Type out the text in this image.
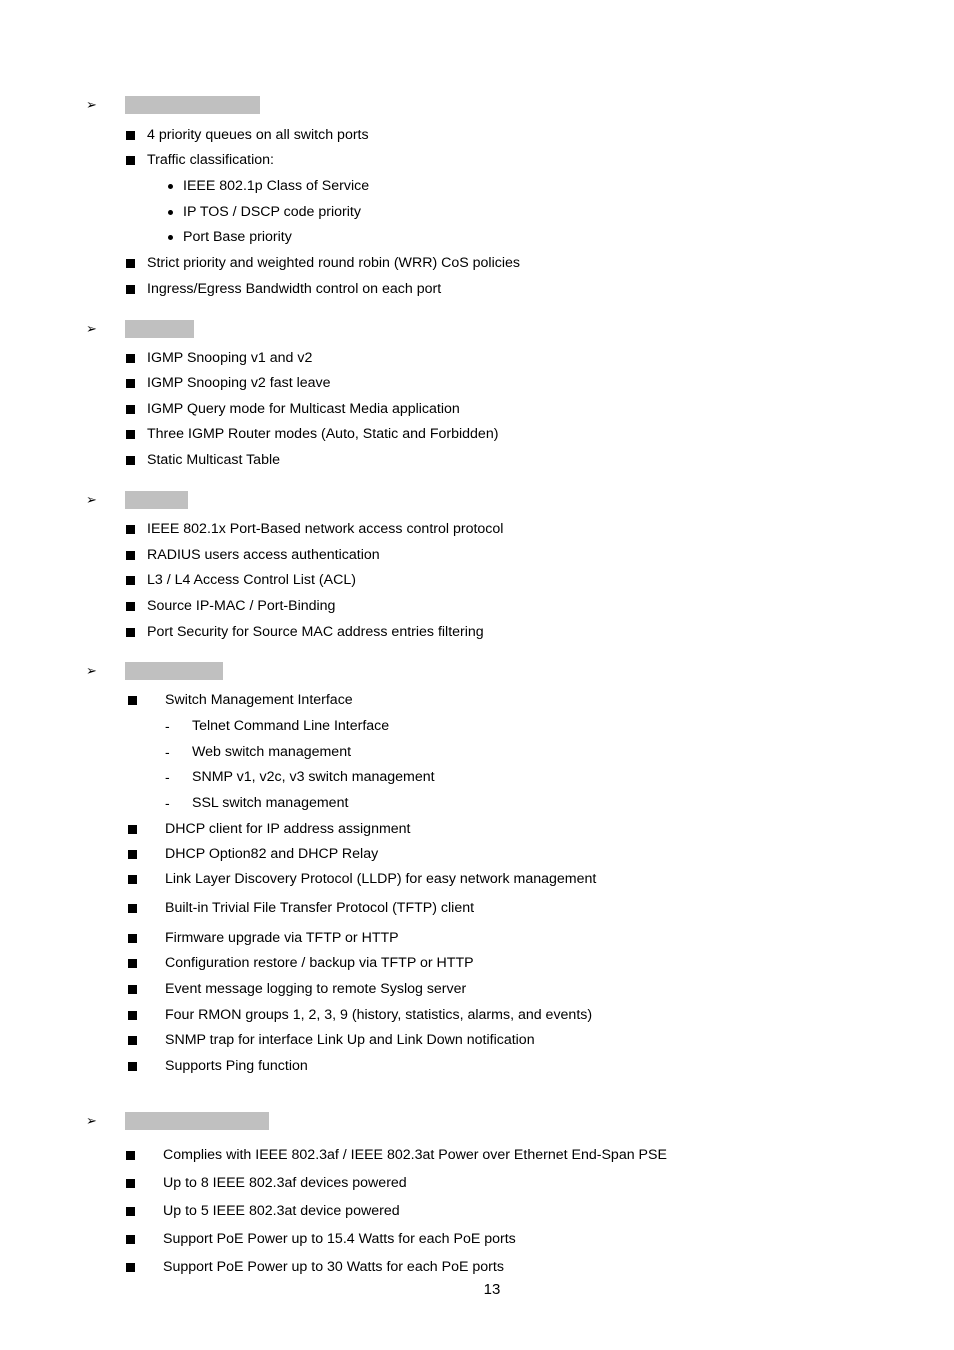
➢
4 priority queues on all switch ports
Traffic classification:
IEEE 802.1p Class of Service
IP TOS / DSCP code priority
Port Base priority
Strict priority and weighted round robin (WRR) CoS policies
Ingress/Egress Bandwidth control on each port
➢
IGMP Snooping v1 and v2
IGMP Snooping v2 fast leave
IGMP Query mode for Multicast Media application
Three IGMP Router modes (Auto, Static and Forbidden)
Static Multicast Table
➢
IEEE 802.1x Port-Based network access control protocol
RADIUS users access authentication
L3 / L4 Access Control List (ACL)
Source IP-MAC / Port-Binding
Port Security for Source MAC address entries filtering
➢
Switch Management Interface
- Telnet Command Line Interface
- Web switch management
- SNMP v1, v2c, v3 switch management
- SSL switch management
DHCP client for IP address assignment
DHCP Option82 and DHCP Relay
Link Layer Discovery Protocol (LLDP) for easy network management
Built-in Trivial File Transfer Protocol (TFTP) client
Firmware upgrade via TFTP or HTTP
Configuration restore / backup via TFTP or HTTP
Event message logging to remote Syslog server
Four RMON groups 1, 2, 3, 9 (history, statistics, alarms, and events)
SNMP trap for interface Link Up and Link Down notification
Supports Ping function
➢
Complies with IEEE 802.3af / IEEE 802.3at Power over Ethernet End-Span PSE
Up to 8 IEEE 802.3af devices powered
Up to 5 IEEE 802.3at device powered
Support PoE Power up to 15.4 Watts for each PoE ports
Support PoE Power up to 30 Watts for each PoE ports
13
